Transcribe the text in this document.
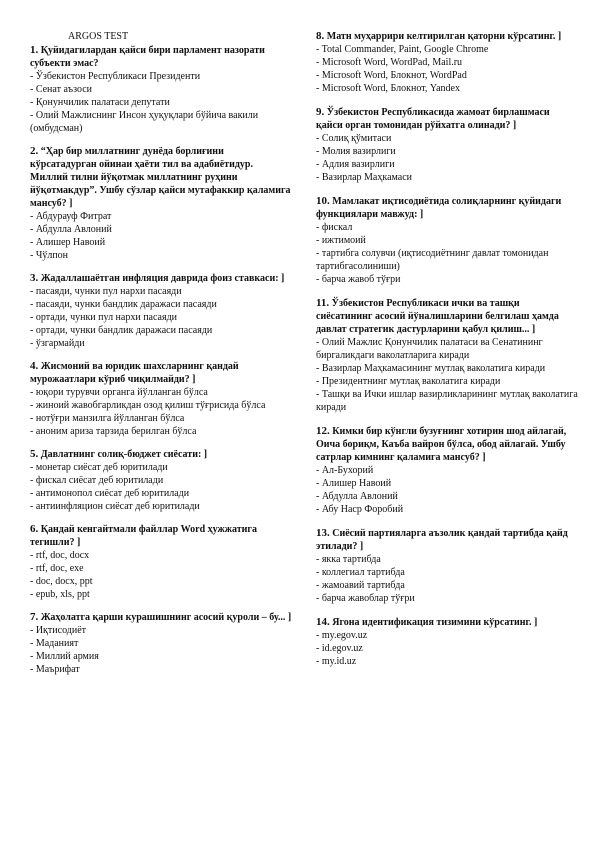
ARGOS TEST

1. Қуйидагилардан қайси бири парламент назорати субъекти эмас?

- Ўзбекистон Республикаси Президенти

- Сенат аъзоси

- Қонунчилик палатаси депутати

- Олий Мажлиснинг Инсон ҳуқуқлари бўйича вакили (омбудсман)

2. “Ҳар бир миллатнинг дунёда борлиғини кўрсатадурган ойинаи ҳаёти тил ва адабиётидур. Миллий тилни йўқотмак миллатнинг руҳини йўқотмакдур”. Ушбу сўзлар қайси мутафаккир қаламига мансуб? ]

- Абдурауф Фитрат

- Абдулла Авлоний

- Алишер Навоий

- Чўлпон

3. Жадаллашаётган инфляция даврида фоиз ставкаси: ]

- пасаяди, чунки пул нархи пасаяди

- пасаяди, чунки бандлик даражаси пасаяди

- ортади, чунки пул нархи пасаяди

- ортади, чунки бандлик даражаси пасаяди

- ўзгармайди

4. Жисмоний ва юридик шахсларнинг қандай мурожаатлари кўриб чиқилмайди? ]

- юқори турувчи органга йўлланган бўлса

- жиноий жавобгарликдан озод қилиш тўғрисида бўлса

- нотўғри манзилга йўлланган бўлса

- аноним ариза тарзида берилган бўлса

5. Давлатнинг солиқ-бюджет сиёсати: ]

- монетар сиёсат деб юритилади

- фискал сиёсат деб юритилади

- антимонопол сиёсат деб юритилади

- антиинфляцион сиёсат деб юритилади

6. Қандай кенгайтмали файллар Word ҳужжатига тегишли? ]

- rtf, doc, docx

- rtf, doc, exe

- doc, docx, ppt

- epub, xls, ppt

7. Жаҳолатга қарши курашишнинг асосий қуроли – бу... ]

- Иқтисодиёт

- Маданият

- Миллий армия

- Маърифат

8. Матн муҳаррири келтирилган қаторни кўрсатинг. ]

- Total Commander, Paint, Google Chrome

- Microsoft Word, WordPad, Mail.ru

- Microsoft Word, Блокнот, WordPad

- Microsoft Word, Блокнот, Yandex

9. Ўзбекистон Республикасида жамоат бирлашмаси қайси орган томонидан рўйхатга олинади? ]

- Солиқ қўмитаси

- Молия вазирлиги

- Адлия вазирлиги

- Вазирлар Маҳкамаси

10. Мамлакат иқтисодиётида солиқларнинг қуйидаги функциялари мавжуд: ]

- фискал

- ижтимоий

- тартибга солувчи (иқтисодиётнинг давлат томонидан тартибгасолиниши)

- барча жавоб тўғри

11. Ўзбекистон Республикаси ички ва ташқи сиёсатининг асосий йўналишларини белгилаш ҳамда давлат стратегик дастурларини қабул қилиш... ]

- Олий Мажлис Қонунчилик палатаси ва Сенатининг биргаликдаги ваколатларига киради

- Вазирлар Маҳкамасининг мутлақ ваколатига киради

- Президентнинг мутлақ ваколатига киради

- Ташқи ва Ички ишлар вазирликларининг мутлақ ваколатига киради

12. Кимки бир кўнгли бузуғнинг хотирин шод айлагай, Оича бориқм, Каъба вайрон бўлса, обод айлагай. Ушбу сатрлар кимнинг қаламига мансуб? ]

- Ал-Бухорий

- Алишер Навоий

- Абдулла Авлоний

- Абу Наср Форобий

13. Сиёсий партияларга аъзолик қандай тартибда қайд этилади? ]

- якка тартибда

- коллегиал тартибда

- жамоавий тартибда

- барча жавоблар тўғри

14. Ягона идентификация тизимини кўрсатинг. ]

- my.egov.uz

- id.egov.uz

- my.id.uz
